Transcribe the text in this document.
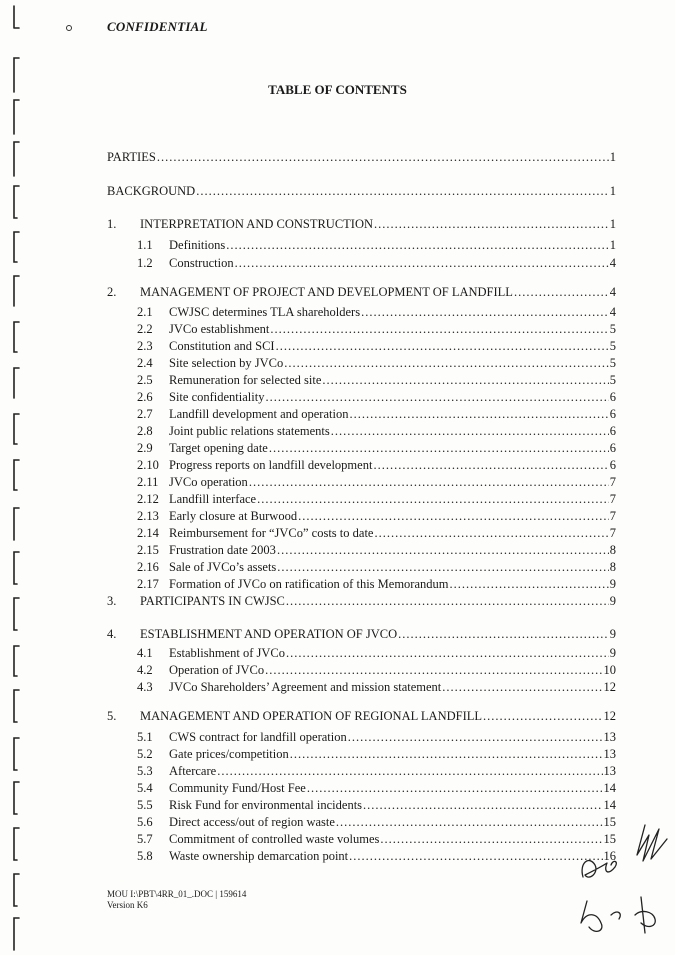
CONFIDENTIAL
TABLE OF CONTENTS
PARTIES .....	1
BACKGROUND .....	1
1.	INTERPRETATION AND CONSTRUCTION .....	1
1.1	Definitions .....	1
1.2	Construction .....	4
2.	MANAGEMENT OF PROJECT AND DEVELOPMENT OF LANDFILL .....	4
2.1	CWJSC determines TLA shareholders .....	4
2.2	JVCo establishment .....	5
2.3	Constitution and SCI .....	5
2.4	Site selection by JVCo .....	5
2.5	Remuneration for selected site .....	5
2.6	Site confidentiality .....	6
2.7	Landfill development and operation .....	6
2.8	Joint public relations statements .....	6
2.9	Target opening date .....	6
2.10 Progress reports on landfill development .....	6
2.11 JVCo operation .....	7
2.12 Landfill interface .....	7
2.13 Early closure at Burwood .....	7
2.14 Reimbursement for “JVCo” costs to date .....	7
2.15 Frustration date 2003 .....	8
2.16 Sale of JVCo’s assets .....	8
2.17 Formation of JVCo on ratification of this Memorandum .....	9
3.	PARTICIPANTS IN CWJSC .....	9
4.	ESTABLISHMENT AND OPERATION OF JVCO .....	9
4.1	Establishment of JVCo .....	9
4.2	Operation of JVCo .....	10
4.3	JVCo Shareholders’ Agreement and mission statement .....	12
5.	MANAGEMENT AND OPERATION OF REGIONAL LANDFILL .....	12
5.1	CWS contract for landfill operation .....	13
5.2	Gate prices/competition .....	13
5.3	Aftercare .....	13
5.4	Community Fund/Host Fee .....	14
5.5	Risk Fund for environmental incidents .....	14
5.6	Direct access/out of region waste .....	15
5.7	Commitment of controlled waste volumes .....	15
5.8	Waste ownership demarcation point .....	16
MOU I:\PBT\4RR_01_.DOC | 159614
Version K6
